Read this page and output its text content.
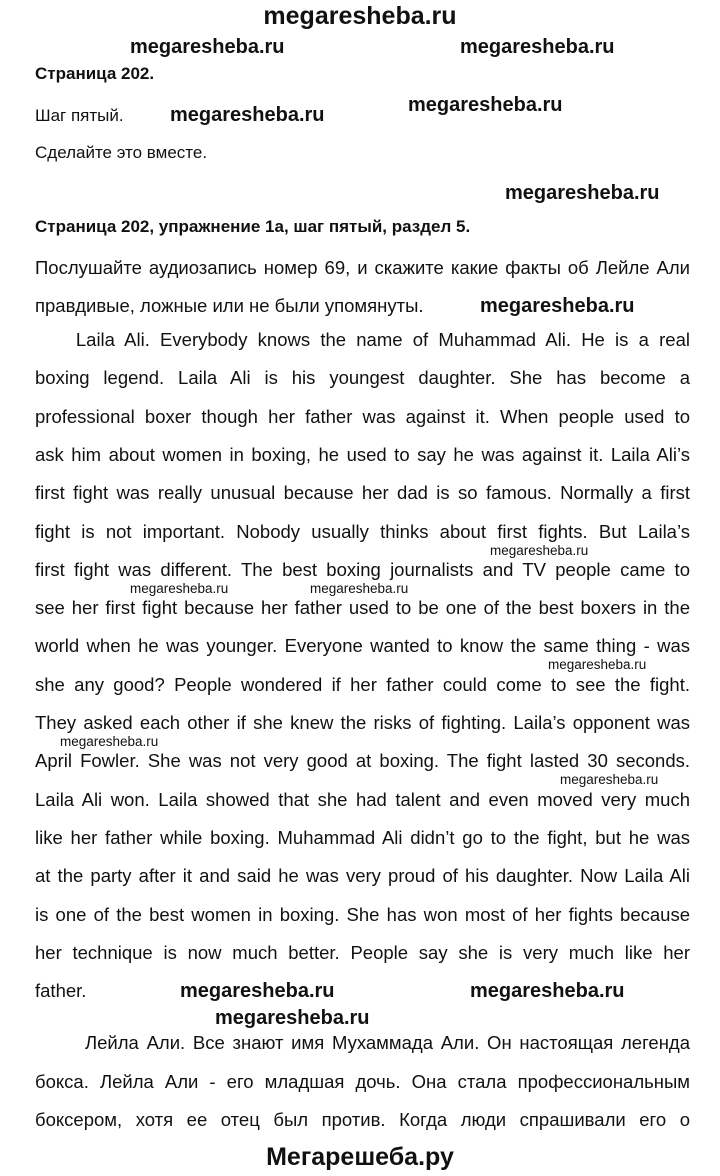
megaresheba.ru
Страница 202.
Шаг пятый.
Сделайте это вместе.
Страница 202, упражнение 1а, шаг пятый, раздел 5.
Послушайте аудиозапись номер 69, и скажите какие факты об Лейле Али
правдивые, ложные или не были упомянуты.
Laila Ali. Everybody knows the name of Muhammad Ali. He is a real
boxing legend. Laila Ali is his youngest daughter. She has become a
professional boxer though her father was against it. When people used to
ask him about women in boxing, he used to say he was against it. Laila Ali’s
first fight was really unusual because her dad is so famous. Normally a first
fight is not important. Nobody usually thinks about first fights. But Laila’s
first fight was different. The best boxing journalists and TV people came to
see her first fight because her father used to be one of the best boxers in the
world when he was younger. Everyone wanted to know the same thing - was
she any good? People wondered if her father could come to see the fight.
They asked each other if she knew the risks of fighting. Laila’s opponent was
April Fowler. She was not very good at boxing. The fight lasted 30 seconds.
Laila Ali won. Laila showed that she had talent and even moved very much
like her father while boxing. Muhammad Ali didn’t go to the fight, but he was
at the party after it and said he was very proud of his daughter. Now Laila Ali
is one of the best women in boxing. She has won most of her fights because
her technique is now much better. People say she is very much like her
father.
Лейла Али. Все знают имя Мухаммада Али. Он настоящая легенда
бокса. Лейла Али - его младшая дочь. Она стала профессиональным
боксером, хотя ее отец был против. Когда люди спрашивали его о
megaresheba.ru	megaresheba.ru
megaresheba.ru
megaresheba.ru	megaresheba.ru
megaresheba.ru
megaresheba.ru	megaresheba.ru
megaresheba.ru
megaresheba.ru
megaresheba.ru	megaresheba.ru
megaresheba.ru
megaresheba.ru
megaresheba.ru
Мегарешеба.ру
